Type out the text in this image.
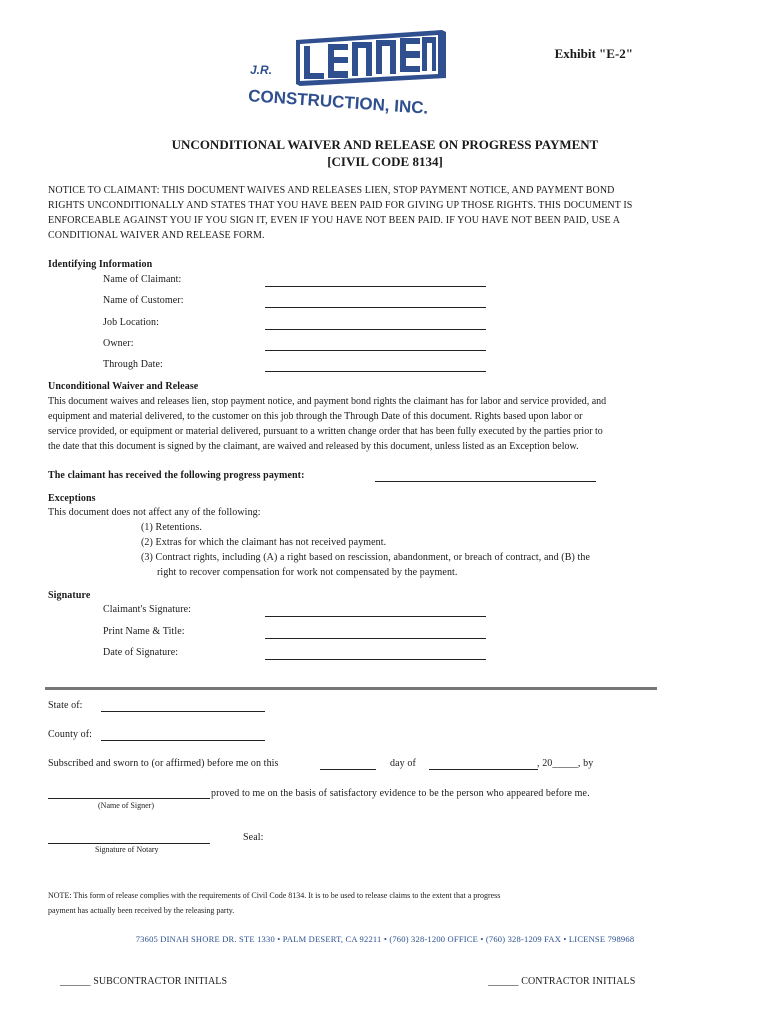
J.R.
CONSTRUCTION, INC.
Exhibit "E-2"
UNCONDITIONAL WAIVER AND RELEASE ON PROGRESS PAYMENT
[CIVIL CODE 8134]
NOTICE TO CLAIMANT: THIS DOCUMENT WAIVES AND RELEASES LIEN, STOP PAYMENT NOTICE, AND PAYMENT BOND RIGHTS UNCONDITIONALLY AND STATES THAT YOU HAVE BEEN PAID FOR GIVING UP THOSE RIGHTS. THIS DOCUMENT IS ENFORCEABLE AGAINST YOU IF YOU SIGN IT, EVEN IF YOU HAVE NOT BEEN PAID. IF YOU HAVE NOT BEEN PAID, USE A CONDITIONAL WAIVER AND RELEASE FORM.
Identifying Information
Name of Claimant:
Name of Customer:
Job Location:
Owner:
Through Date:
Unconditional Waiver and Release
This document waives and releases lien, stop payment notice, and payment bond rights the claimant has for labor and service provided, and equipment and material delivered, to the customer on this job through the Through Date of this document. Rights based upon labor or service provided, or equipment or material delivered, pursuant to a written change order that has been fully executed by the parties prior to the date that this document is signed by the claimant, are waived and released by this document, unless listed as an Exception below.
The claimant has received the following progress payment:
Exceptions
This document does not affect any of the following:
(1) Retentions.
(2) Extras for which the claimant has not received payment.
(3) Contract rights, including (A) a right based on rescission, abandonment, or breach of contract, and (B) the
right to recover compensation for work not compensated by the payment.
Signature
Claimant's Signature:
Print Name & Title:
Date of Signature:
State of:
County of:
Subscribed and sworn to (or affirmed) before me on this	day of	, 20_____, by
proved to me on the basis of satisfactory evidence to be the person who appeared before me.
(Name of Signer)
Seal:
Signature of Notary
NOTE: This form of release complies with the requirements of Civil Code 8134. It is to be used to release claims to the extent that a progress
payment has actually been received by the releasing party.
73605 DINAH SHORE DR. STE 1330 • PALM DESERT, CA 92211 • (760) 328-1200 OFFICE • (760) 328-1209 FAX • LICENSE 798968
______ SUBCONTRACTOR INITIALS	______ CONTRACTOR INITIALS
